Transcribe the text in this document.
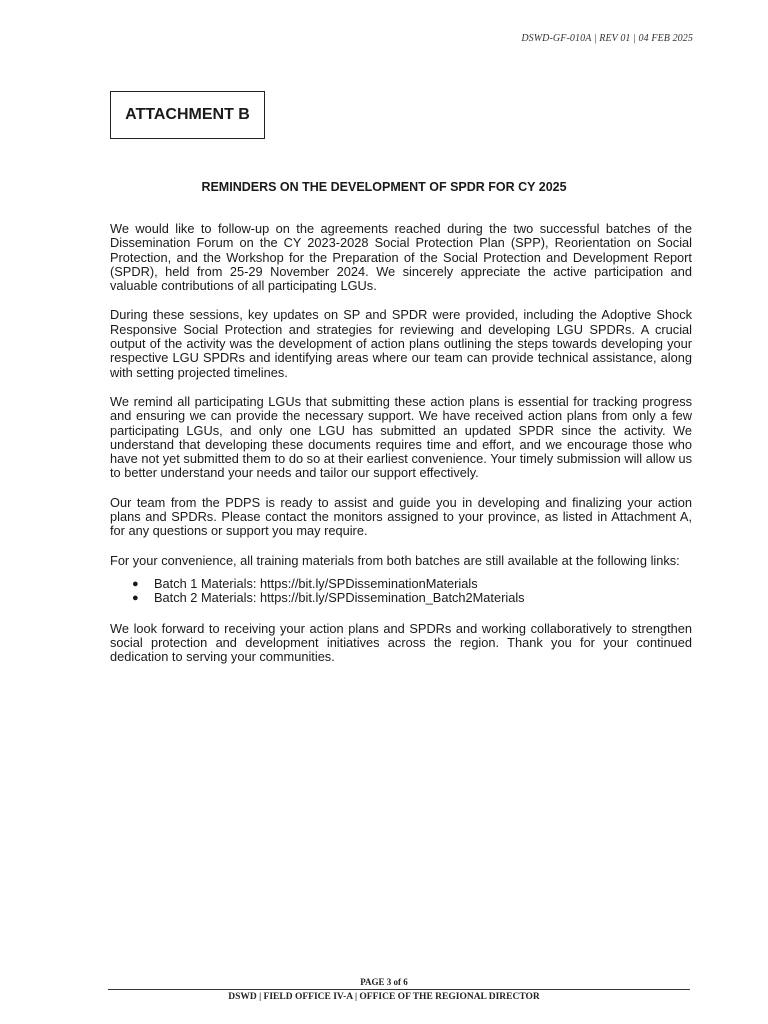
DSWD-GF-010A | REV 01 | 04 FEB 2025
ATTACHMENT B
REMINDERS ON THE DEVELOPMENT OF SPDR FOR CY 2025

We would like to follow-up on the agreements reached during the two successful batches of the Dissemination Forum on the CY 2023-2028 Social Protection Plan (SPP), Reorientation on Social Protection, and the Workshop for the Preparation of the Social Protection and Development Report (SPDR), held from 25-29 November 2024. We sincerely appreciate the active participation and valuable contributions of all participating LGUs.

During these sessions, key updates on SP and SPDR were provided, including the Adoptive Shock Responsive Social Protection and strategies for reviewing and developing LGU SPDRs. A crucial output of the activity was the development of action plans outlining the steps towards developing your respective LGU SPDRs and identifying areas where our team can provide technical assistance, along with setting projected timelines.

We remind all participating LGUs that submitting these action plans is essential for tracking progress and ensuring we can provide the necessary support. We have received action plans from only a few participating LGUs, and only one LGU has submitted an updated SPDR since the activity. We understand that developing these documents requires time and effort, and we encourage those who have not yet submitted them to do so at their earliest convenience. Your timely submission will allow us to better understand your needs and tailor our support effectively.

Our team from the PDPS is ready to assist and guide you in developing and finalizing your action plans and SPDRs. Please contact the monitors assigned to your province, as listed in Attachment A, for any questions or support you may require.

For your convenience, all training materials from both batches are still available at the following links:

● Batch 1 Materials: https://bit.ly/SPDisseminationMaterials
● Batch 2 Materials: https://bit.ly/SPDissemination_Batch2Materials

We look forward to receiving your action plans and SPDRs and working collaboratively to strengthen social protection and development initiatives across the region. Thank you for your continued dedication to serving your communities.

PAGE 3 of 6
DSWD | FIELD OFFICE IV-A | OFFICE OF THE REGIONAL DIRECTOR
